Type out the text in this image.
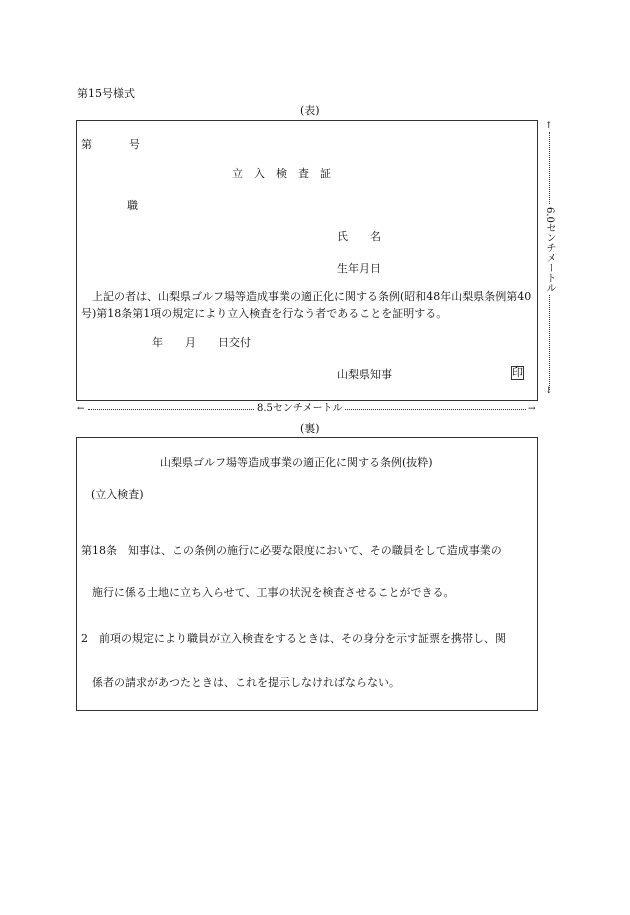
第15号様式
(表)
第	号
立　入　検　査　証
職
氏　　名
生年月日
上記の者は、山梨県ゴルフ場等造成事業の適正化に関する条例(昭和48年山梨県条例第40号)第18条第1項の規定により立入検査を行なう者であることを証明する。
年　　月　　日交付
山梨県知事	印
↑
↓
6.0センチメートル
←	→
8.5センチメートル
(裏)
山梨県ゴルフ場等造成事業の適正化に関する条例(抜粋)
(立入検査)
第18条　知事は、この条例の施行に必要な限度において、その職員をして造成事業の
施行に係る土地に立ち入らせて、工事の状況を検査させることができる。
2　前項の規定により職員が立入検査をするときは、その身分を示す証票を携帯し、関
係者の請求があつたときは、これを提示しなければならない。
